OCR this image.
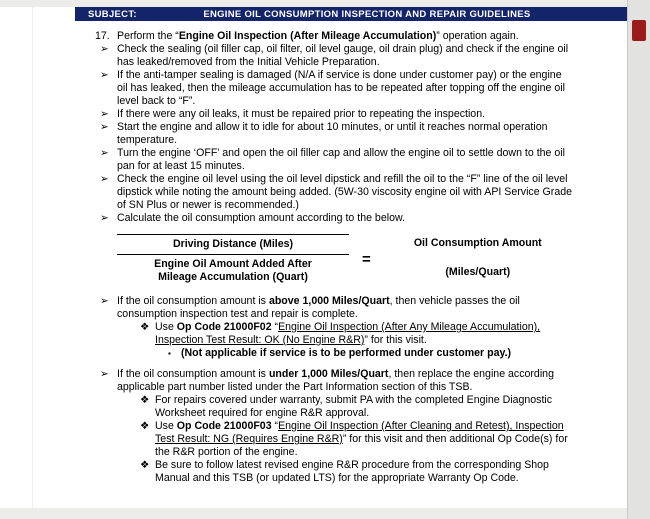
SUBJECT:	ENGINE OIL CONSUMPTION INSPECTION AND REPAIR GUIDELINES
17. Perform the “Engine Oil Inspection (After Mileage Accumulation)” operation again.
➢ Check the sealing (oil filler cap, oil filter, oil level gauge, oil drain plug) and check if the engine oil has leaked/removed from the Initial Vehicle Preparation.
➢ If the anti-tamper sealing is damaged (N/A if service is done under customer pay) or the engine oil has leaked, then the mileage accumulation has to be repeated after topping off the engine oil level back to “F”.
➢ If there were any oil leaks, it must be repaired prior to repeating the inspection.
➢ Start the engine and allow it to idle for about 10 minutes, or until it reaches normal operation temperature.
➢ Turn the engine ‘OFF’ and open the oil filler cap and allow the engine oil to settle down to the oil pan for at least 15 minutes.
➢ Check the engine oil level using the oil level dipstick and refill the oil to the “F” line of the oil level dipstick while noting the amount being added. (5W-30 viscosity engine oil with API Service Grade of SN Plus or newer is recommended.)
➢ Calculate the oil consumption amount according to the below.
Driving Distance (Miles)
Engine Oil Amount Added After
Mileage Accumulation (Quart)
=
Oil Consumption Amount
(Miles/Quart)
➢ If the oil consumption amount is above 1,000 Miles/Quart, then vehicle passes the oil consumption inspection test and repair is complete.
❖ Use Op Code 21000F02 “Engine Oil Inspection (After Any Mileage Accumulation), Inspection Test Result: OK (No Engine R&R)” for this visit.
▪ (Not applicable if service is to be performed under customer pay.)
➢ If the oil consumption amount is under 1,000 Miles/Quart, then replace the engine according applicable part number listed under the Part Information section of this TSB.
❖ For repairs covered under warranty, submit PA with the completed Engine Diagnostic Worksheet required for engine R&R approval.
❖ Use Op Code 21000F03 “Engine Oil Inspection (After Cleaning and Retest), Inspection Test Result: NG (Requires Engine R&R)” for this visit and then additional Op Code(s) for the R&R portion of the engine.
❖ Be sure to follow latest revised engine R&R procedure from the corresponding Shop Manual and this TSB (or updated LTS) for the appropriate Warranty Op Code.
